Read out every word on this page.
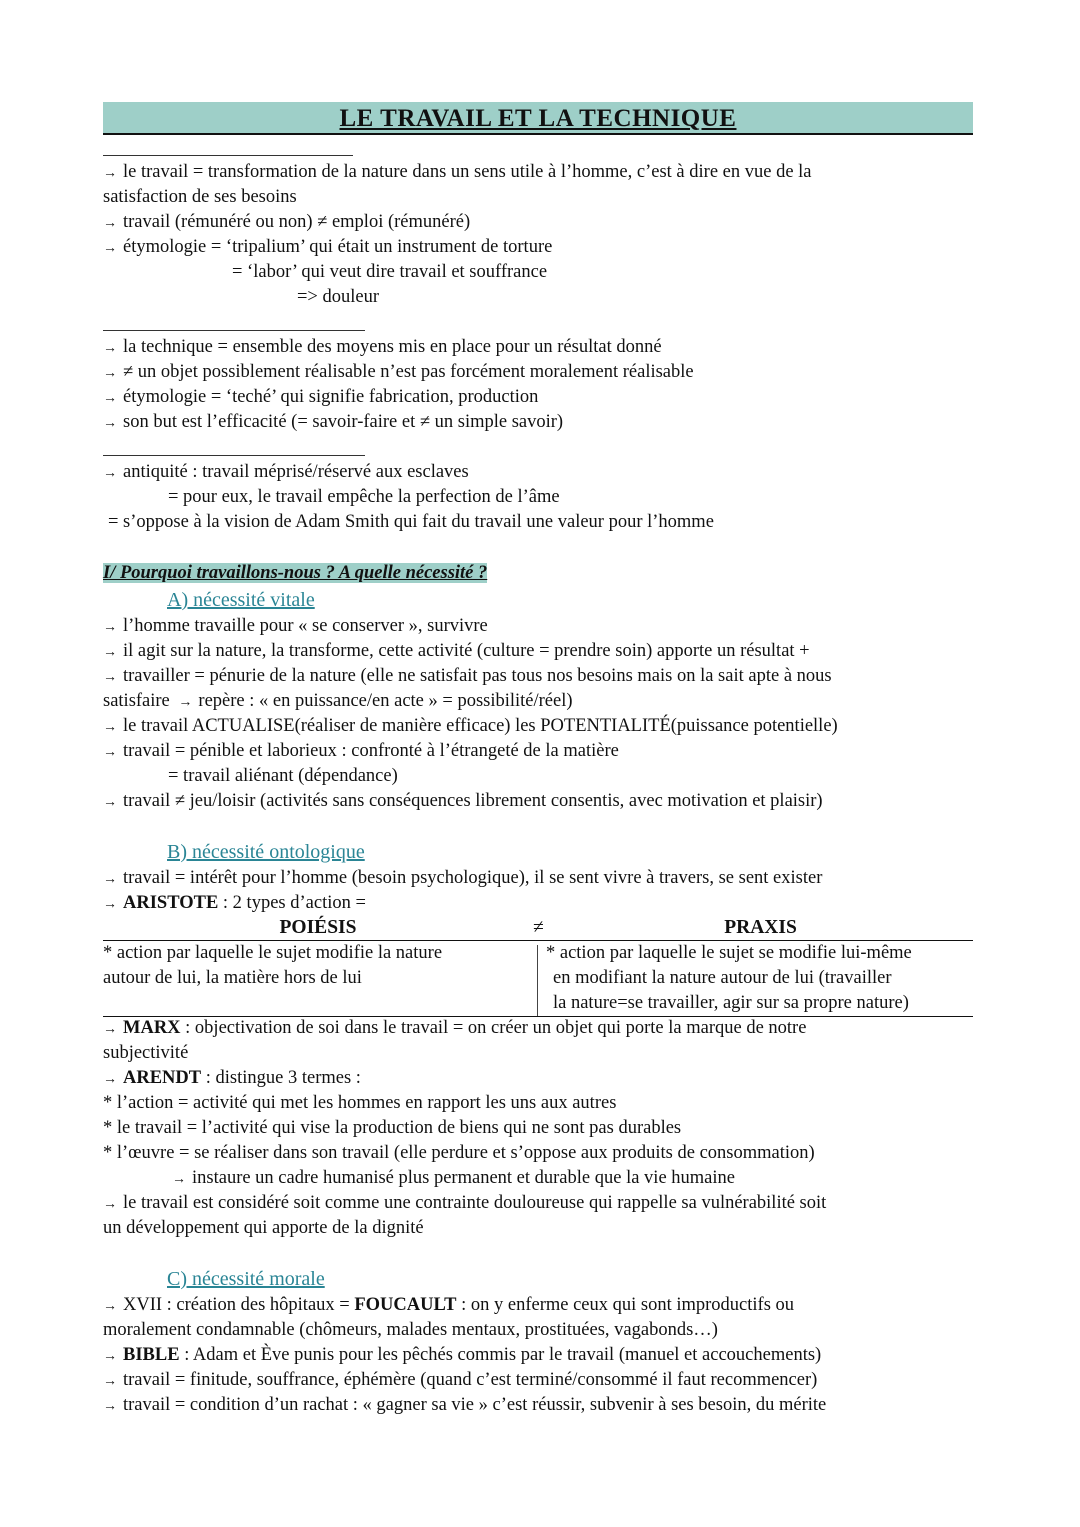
LE TRAVAIL ET LA TECHNIQUE
→ le travail = transformation de la nature dans un sens utile à l’homme, c’est à dire en vue de la
satisfaction de ses besoins
→ travail (rémunéré ou non) ≠ emploi (rémunéré)
→ étymologie = ‘tripalium’ qui était un instrument de torture
= ‘labor’ qui veut dire travail et souffrance
=> douleur
→ la technique = ensemble des moyens mis en place pour un résultat donné
→ ≠ un objet possiblement réalisable n’est pas forcément moralement réalisable
→ étymologie = ‘teché’ qui signifie fabrication, production
→ son but est l’efficacité (= savoir-faire et ≠ un simple savoir)
→ antiquité : travail méprisé/réservé aux esclaves
= pour eux, le travail empêche la perfection de l’âme
= s’oppose à la vision de Adam Smith qui fait du travail une valeur pour l’homme
I/ Pourquoi travaillons-nous ? A quelle nécessité ?
A) nécessité vitale
→ l’homme travaille pour « se conserver », survivre
→ il agit sur la nature, la transforme, cette activité (culture = prendre soin) apporte un résultat +
→ travailler = pénurie de la nature (elle ne satisfait pas tous nos besoins mais on la sait apte à nous
satisfaire → repère : « en puissance/en acte » = possibilité/réel)
→ le travail ACTUALISE(réaliser de manière efficace) les POTENTIALITÉ(puissance potentielle)
→ travail = pénible et laborieux : confronté à l’étrangeté de la matière
= travail aliénant (dépendance)
→ travail ≠ jeu/loisir (activités sans conséquences librement consentis, avec motivation et plaisir)
B) nécessité ontologique
→ travail = intérêt pour l’homme (besoin psychologique), il se sent vivre à travers, se sent exister
→ ARISTOTE : 2 types d’action =
POIÉSIS	≠	PRAXIS
* action par laquelle le sujet modifie la nature
autour de lui, la matière hors de lui
* action par laquelle le sujet se modifie lui-même
en modifiant la nature autour de lui (travailler
la nature=se travailler, agir sur sa propre nature)
→ MARX : objectivation de soi dans le travail = on créer un objet qui porte la marque de notre
subjectivité
→ ARENDT : distingue 3 termes :
* l’action = activité qui met les hommes en rapport les uns aux autres
* le travail = l’activité qui vise la production de biens qui ne sont pas durables
* l’œuvre = se réaliser dans son travail (elle perdure et s’oppose aux produits de consommation)
→ instaure un cadre humanisé plus permanent et durable que la vie humaine
→ le travail est considéré soit comme une contrainte douloureuse qui rappelle sa vulnérabilité soit
un développement qui apporte de la dignité
C) nécessité morale
→ XVII : création des hôpitaux = FOUCAULT : on y enferme ceux qui sont improductifs ou
moralement condamnable (chômeurs, malades mentaux, prostituées, vagabonds…)
→ BIBLE : Adam et Ève punis pour les pêchés commis par le travail (manuel et accouchements)
→ travail = finitude, souffrance, éphémère (quand c’est terminé/consommé il faut recommencer)
→ travail = condition d’un rachat : « gagner sa vie » c’est réussir, subvenir à ses besoin, du mérite
